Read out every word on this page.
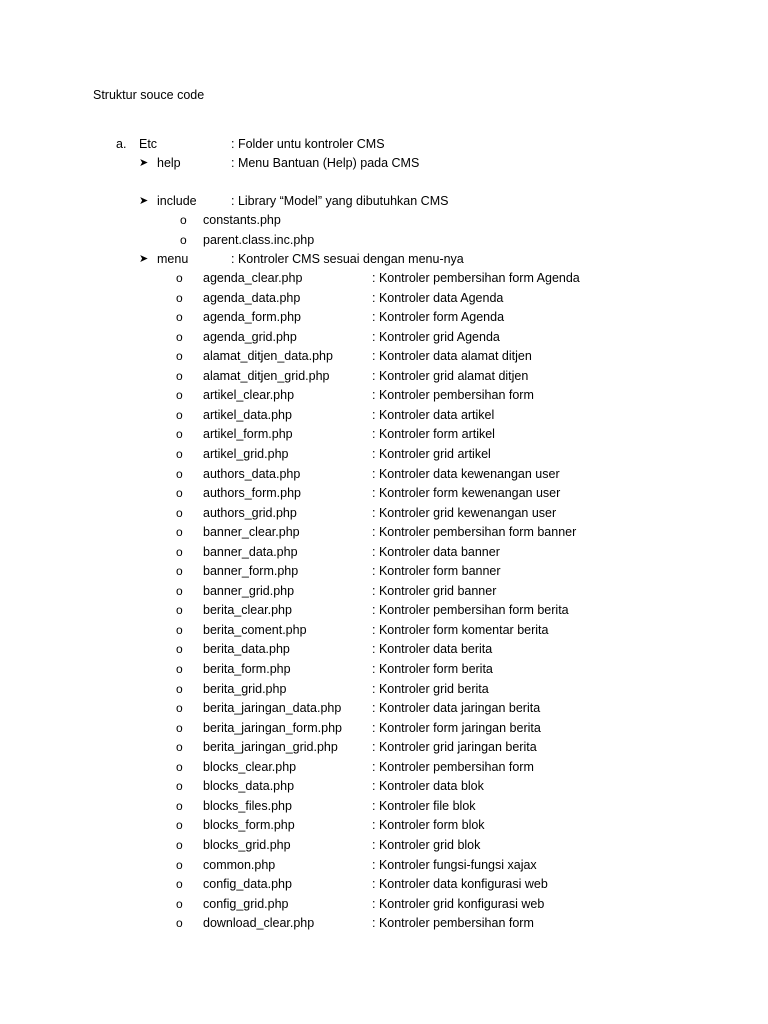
Struktur souce code
a. Etc	: Folder untu kontroler CMS
➤ help	: Menu Bantuan (Help) pada CMS
➤ include	: Library “Model” yang dibutuhkan CMS
o constants.php
o parent.class.inc.php
➤ menu	: Kontroler CMS sesuai dengan menu-nya
o agenda_clear.php	: Kontroler pembersihan form Agenda
o agenda_data.php	: Kontroler data Agenda
o agenda_form.php	: Kontroler form Agenda
o agenda_grid.php	: Kontroler grid Agenda
o alamat_ditjen_data.php	: Kontroler data alamat ditjen
o alamat_ditjen_grid.php	: Kontroler grid alamat ditjen
o artikel_clear.php	: Kontroler pembersihan form
o artikel_data.php	: Kontroler data artikel
o artikel_form.php	: Kontroler form artikel
o artikel_grid.php	: Kontroler grid artikel
o authors_data.php	: Kontroler data kewenangan user
o authors_form.php	: Kontroler form kewenangan user
o authors_grid.php	: Kontroler grid kewenangan user
o banner_clear.php	: Kontroler pembersihan form banner
o banner_data.php	: Kontroler data banner
o banner_form.php	: Kontroler form banner
o banner_grid.php	: Kontroler grid banner
o berita_clear.php	: Kontroler pembersihan form berita
o berita_coment.php	: Kontroler form komentar berita
o berita_data.php	: Kontroler data berita
o berita_form.php	: Kontroler form berita
o berita_grid.php	: Kontroler grid berita
o berita_jaringan_data.php : Kontroler data jaringan berita
o berita_jaringan_form.php : Kontroler form jaringan berita
o berita_jaringan_grid.php	: Kontroler grid jaringan berita
o blocks_clear.php	: Kontroler pembersihan form
o blocks_data.php	: Kontroler data blok
o blocks_files.php	: Kontroler file blok
o blocks_form.php	: Kontroler form blok
o blocks_grid.php	: Kontroler grid blok
o common.php	: Kontroler fungsi-fungsi xajax
o config_data.php	: Kontroler data konfigurasi web
o config_grid.php	: Kontroler grid konfigurasi web
o download_clear.php	: Kontroler pembersihan form
